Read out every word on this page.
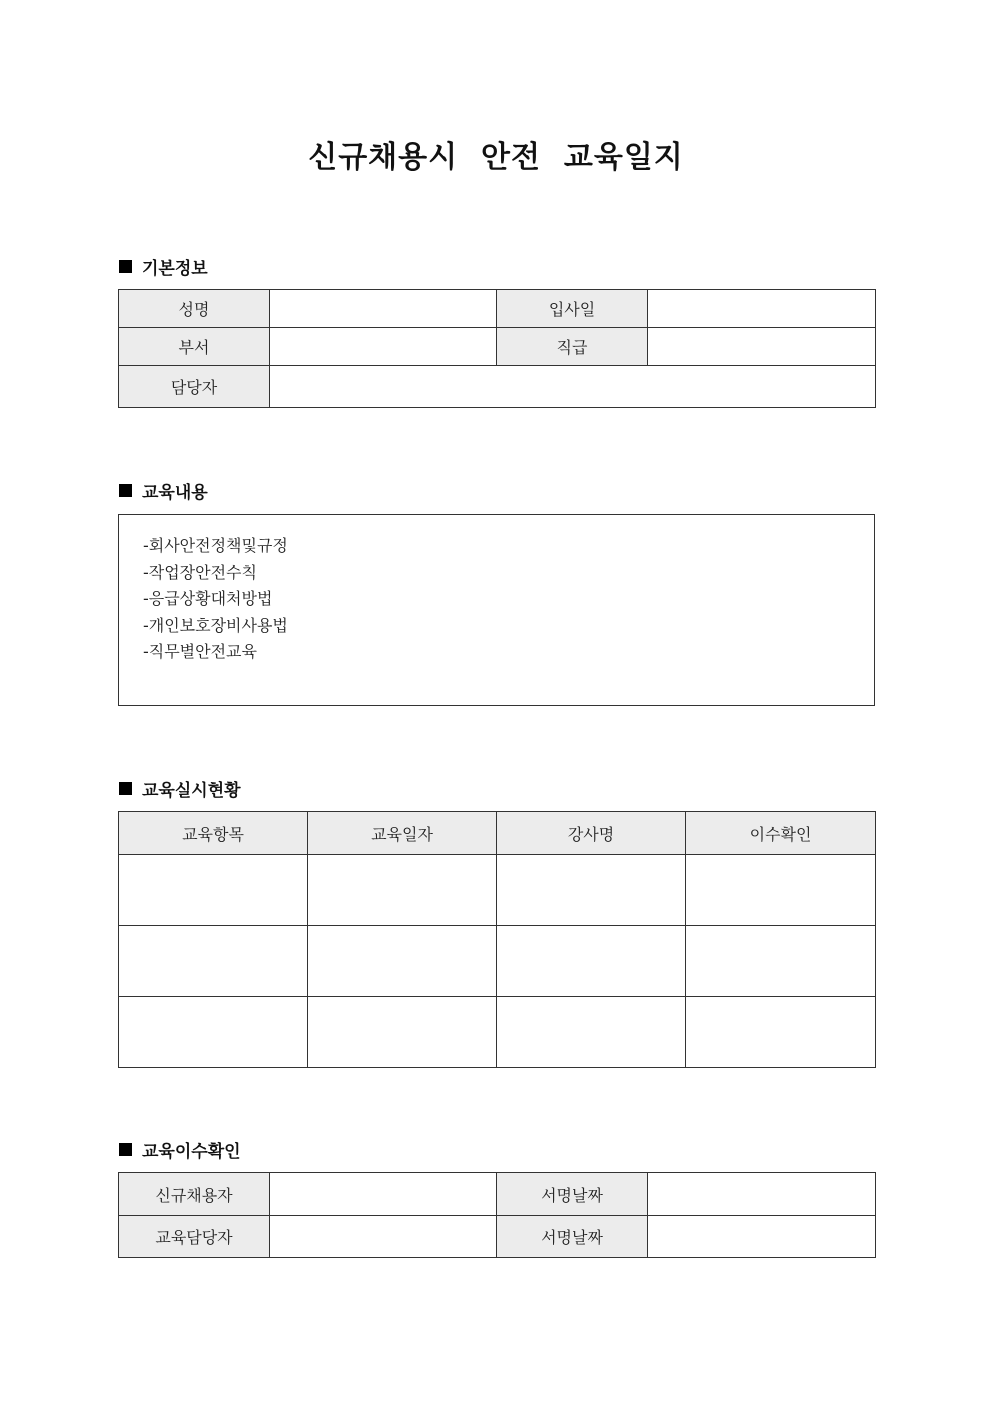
신규채용시  안전  교육일지
기본정보
성명		입사일	
부서		직급	
담당자			
교육내용
-회사안전정책및규정
-작업장안전수칙
-응급상황대처방법
-개인보호장비사용법
-직무별안전교육
교육실시현황
교육항목	교육일자	강사명	이수확인

교육이수확인
신규채용자		서명날짜	
교육담당자		서명날짜	
